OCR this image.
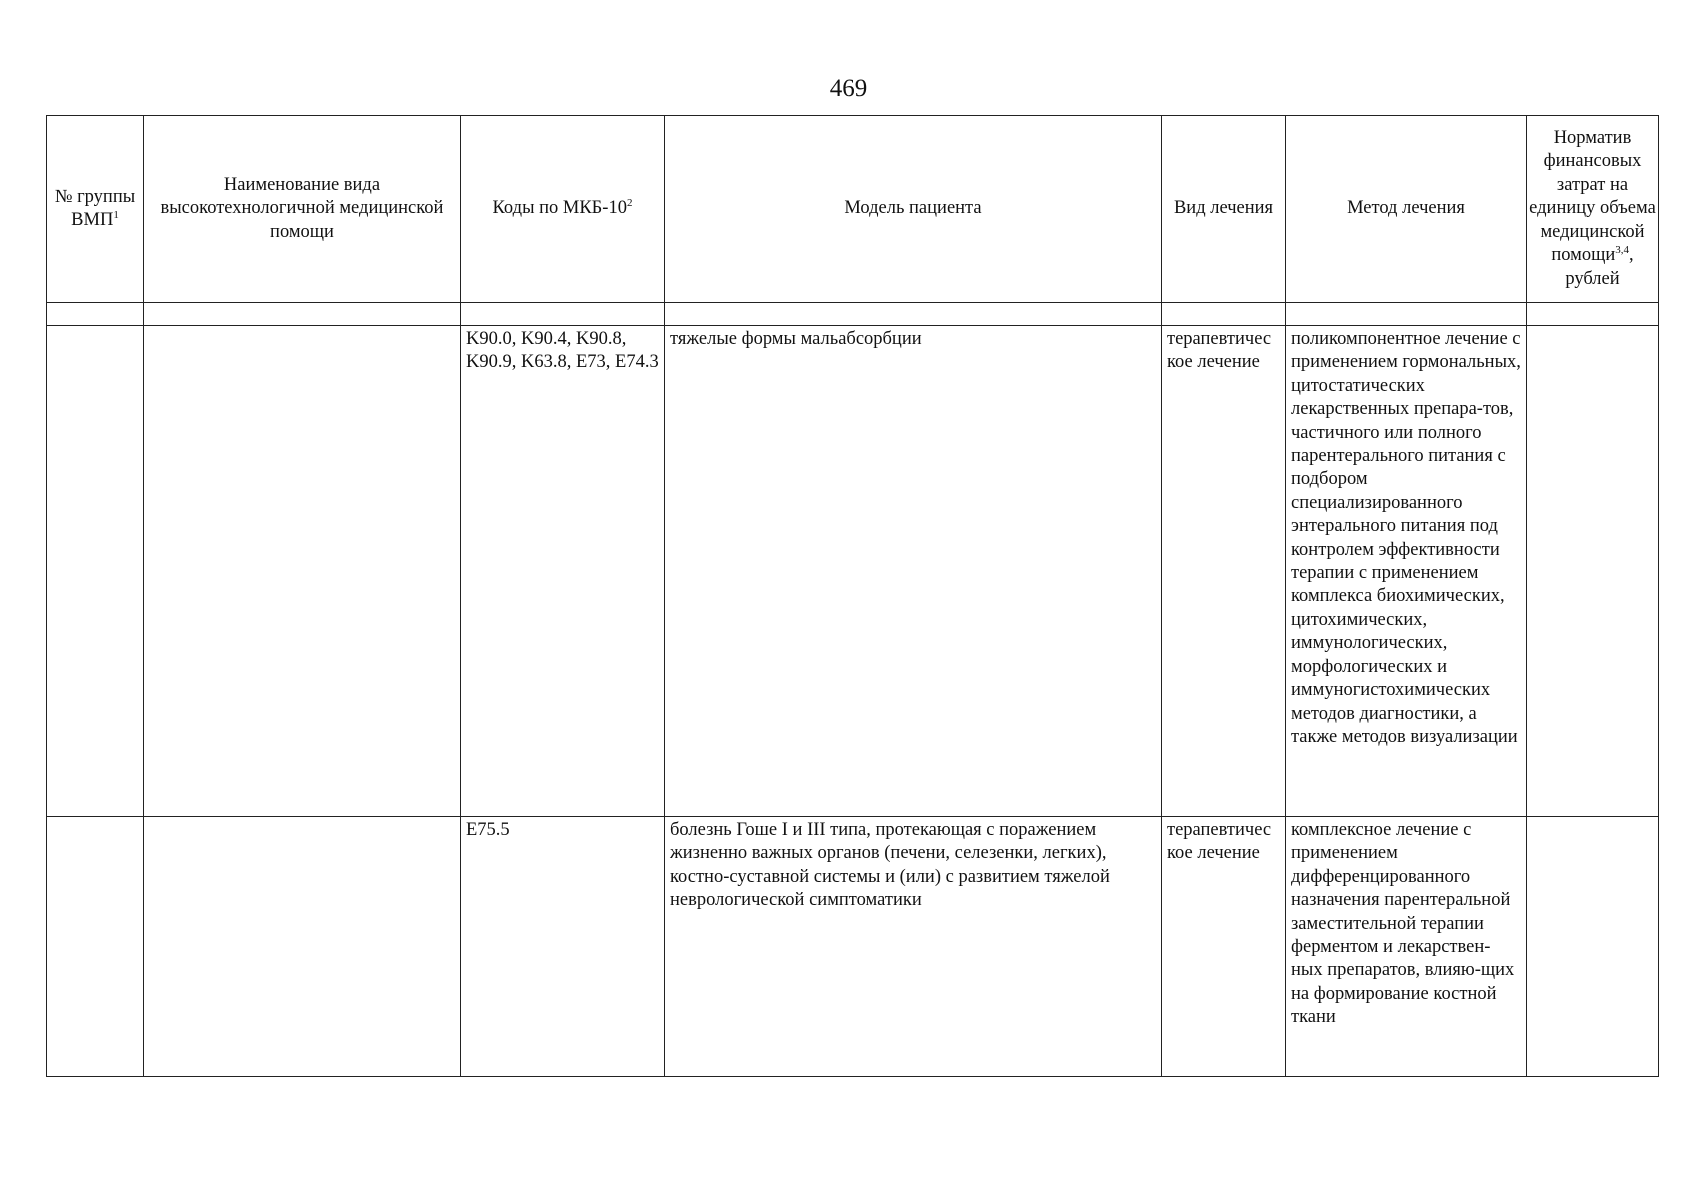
469
№ группы ВМП$^1$	Наименование вида высокотехнологичной медицинской помощи	Коды по МКБ-$10^2$	Модель пациента	Вид лечения	Метод лечения	Норматив финансовых затрат на единицу объема медицинской помощи$^{3,4}$, рублей

		K90.0, K90.4, K90.8, K90.9, K63.8, E73, E74.3	тяжелые формы мальабсорбции	терапевтическое лечение	поликомпонентное лечение с применением гормональных, цитостатических лекарственных препара-тов, частичного или полного парентерального питания с подбором специализированного энтерального питания под контролем эффективности терапии с применением комплекса биохимических, цитохимических, иммунологических, морфологических и иммуногистохимических методов диагностики, а также методов визуализации	
		E75.5	болезнь Гоше I и III типа, протекающая с поражением жизненно важных органов (печени, селезенки, легких), костно-суставной системы и (или) с развитием тяжелой неврологической симптоматики	терапевтическое лечение	комплексное лечение с применением дифференцированного назначения парентеральной заместительной терапии ферментом и лекарствен-ных препаратов, влияю-щих на формирование костной ткани	
